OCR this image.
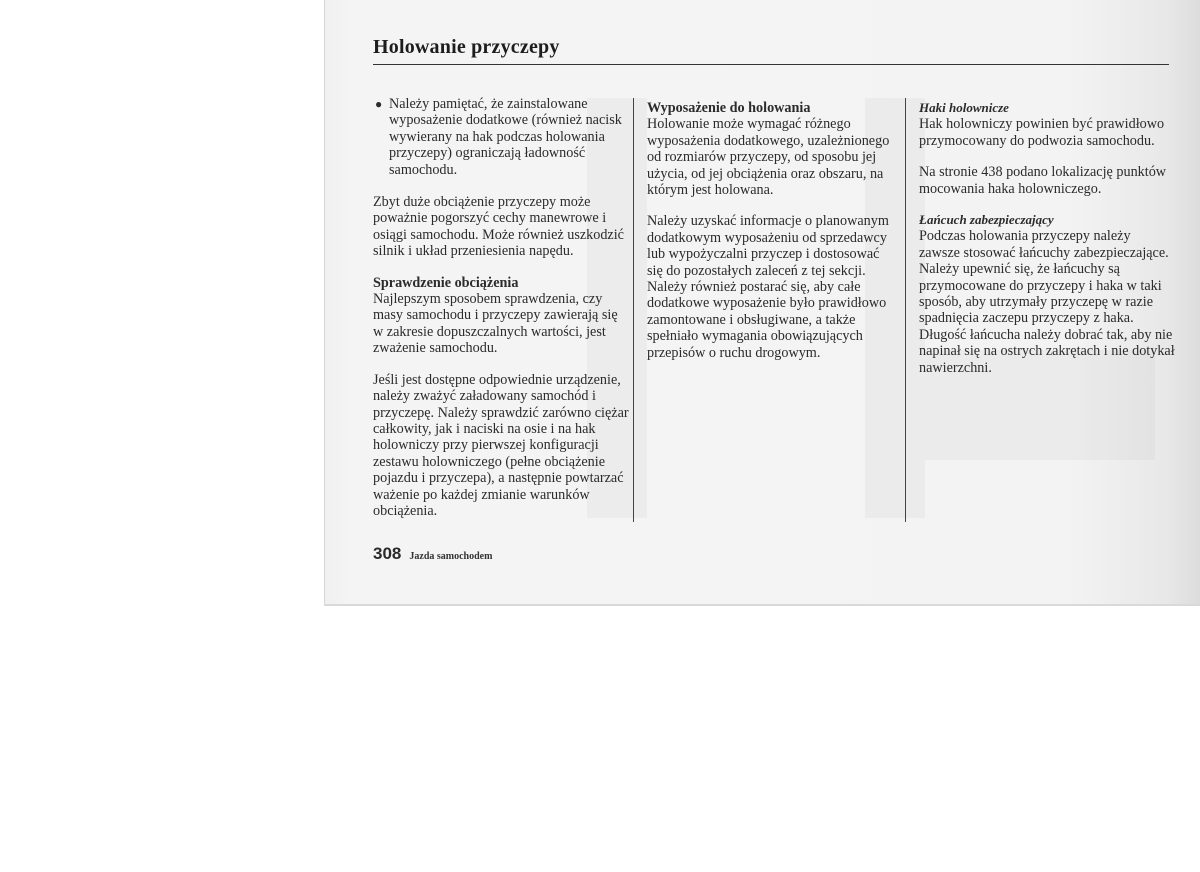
Holowanie przyczepy
● Należy pamiętać, że zainstalowane wyposażenie dodatkowe (również nacisk wywierany na hak podczas holowania przyczepy) ograniczają ładowność samochodu.

Zbyt duże obciążenie przyczepy może poważnie pogorszyć cechy manewrowe i osiągi samochodu. Może również uszkodzić silnik i układ przeniesienia napędu.

Sprawdzenie obciążenia

Najlepszym sposobem sprawdzenia, czy masy samochodu i przyczepy zawierają się w zakresie dopuszczalnych wartości, jest zważenie samochodu.

Jeśli jest dostępne odpowiednie urządzenie, należy zważyć załadowany samochód i przyczepę. Należy sprawdzić zarówno ciężar całkowity, jak i naciski na osie i na hak holowniczy przy pierwszej konfiguracji zestawu holowniczego (pełne obciążenie pojazdu i przyczepa), a następnie powtarzać ważenie po każdej zmianie warunków obciążenia.

Wyposażenie do holowania

Holowanie może wymagać różnego wyposażenia dodatkowego, uzależnionego od rozmiarów przyczepy, od sposobu jej użycia, od jej obciążenia oraz obszaru, na którym jest holowana.

Należy uzyskać informacje o planowanym dodatkowym wyposażeniu od sprzedawcy lub wypożyczalni przyczep i dostosować się do pozostałych zaleceń z tej sekcji. Należy również postarać się, aby całe dodatkowe wyposażenie było prawidłowo zamontowane i obsługiwane, a także spełniało wymagania obowiązujących przepisów o ruchu drogowym.

Haki holownicze

Hak holowniczy powinien być prawidłowo przymocowany do podwozia samochodu.

Na stronie 438 podano lokalizację punktów mocowania haka holowniczego.

Łańcuch zabezpieczający

Podczas holowania przyczepy należy zawsze stosować łańcuchy zabezpieczające. Należy upewnić się, że łańcuchy są przymocowane do przyczepy i haka w taki sposób, aby utrzymały przyczepę w razie spadnięcia zaczepu przyczepy z haka. Długość łańcucha należy dobrać tak, aby nie napinał się na ostrych zakrętach i nie dotykał nawierzchni.

308 Jazda samochodem
